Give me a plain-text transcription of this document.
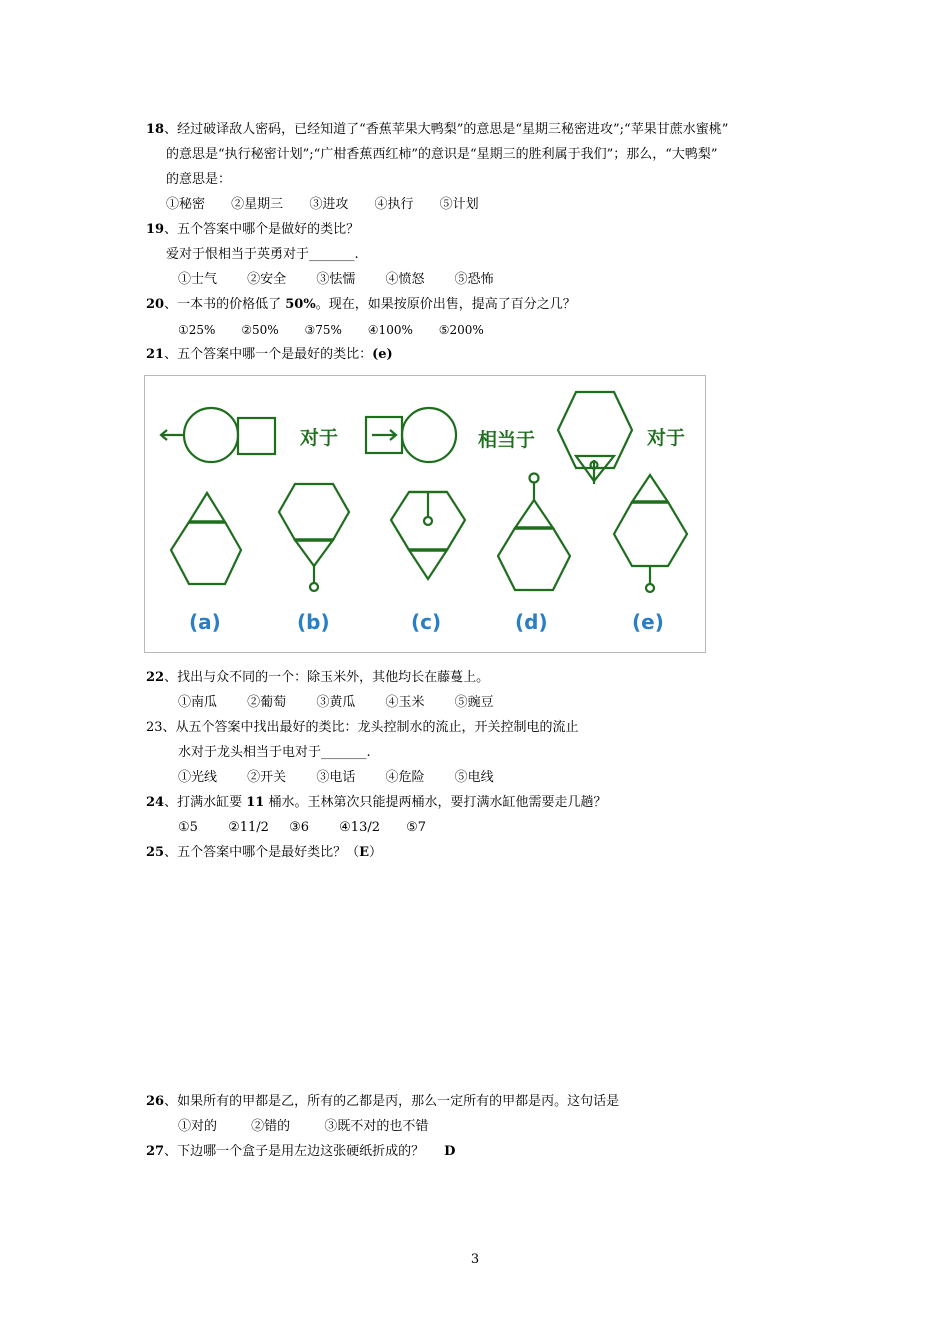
18、经过破译敌人密码，已经知道了“香蕉苹果大鸭梨”的意思是“星期三秘密进攻”;“苹果甘蔗水蜜桃”
的意思是“执行秘密计划”;“广柑香蕉西红柿”的意识是“星期三的胜利属于我们”；那么，“大鸭梨”
的意思是：
①秘密 ②星期三 ③进攻 ④执行 ⑤计划
19、五个答案中哪个是做好的类比？
爱对于恨相当于英勇对于_______.
①士气 ②安全 ③怯懦 ④愤怒 ⑤恐怖
20、一本书的价格低了 50%。现在，如果按原价出售，提高了百分之几？
①25% ②50% ③75% ④100% ⑤200%
21、五个答案中哪一个是最好的类比：(e)
对于	相当于	对于
(a)	(b)	(c)	(d)	(e)
22、找出与众不同的一个：除玉米外，其他均长在藤蔓上。
①南瓜 ②葡萄 ③黄瓜 ④玉米 ⑤豌豆
23、从五个答案中找出最好的类比：龙头控制水的流止，开关控制电的流止
水对于龙头相当于电对于_______.
①光线 ②开关 ③电话 ④危险 ⑤电线
24、打满水缸要 11 桶水。王林第次只能提两桶水，要打满水缸他需要走几趟？
①5 ②11/2 ③6 ④13/2 ⑤7
25、五个答案中哪个是最好类比？（E）
26、如果所有的甲都是乙，所有的乙都是丙，那么一定所有的甲都是丙。这句话是
①对的	②错的	③既不对的也不错
27、下边哪一个盒子是用左边这张硬纸折成的？ D
3
